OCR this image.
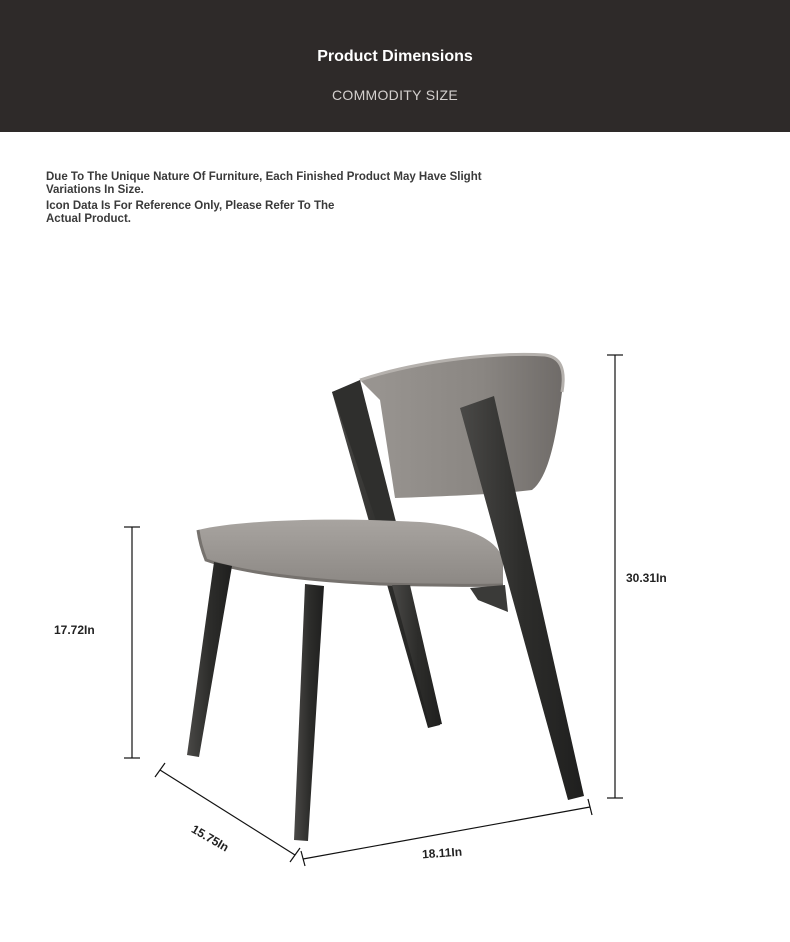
Product Dimensions
COMMODITY SIZE
Due To The Unique Nature Of Furniture, Each Finished Product May Have Slight Variations In Size.
Icon Data Is For Reference Only, Please Refer To The Actual Product.
17.72In
30.31In
15.75In	18.11In
